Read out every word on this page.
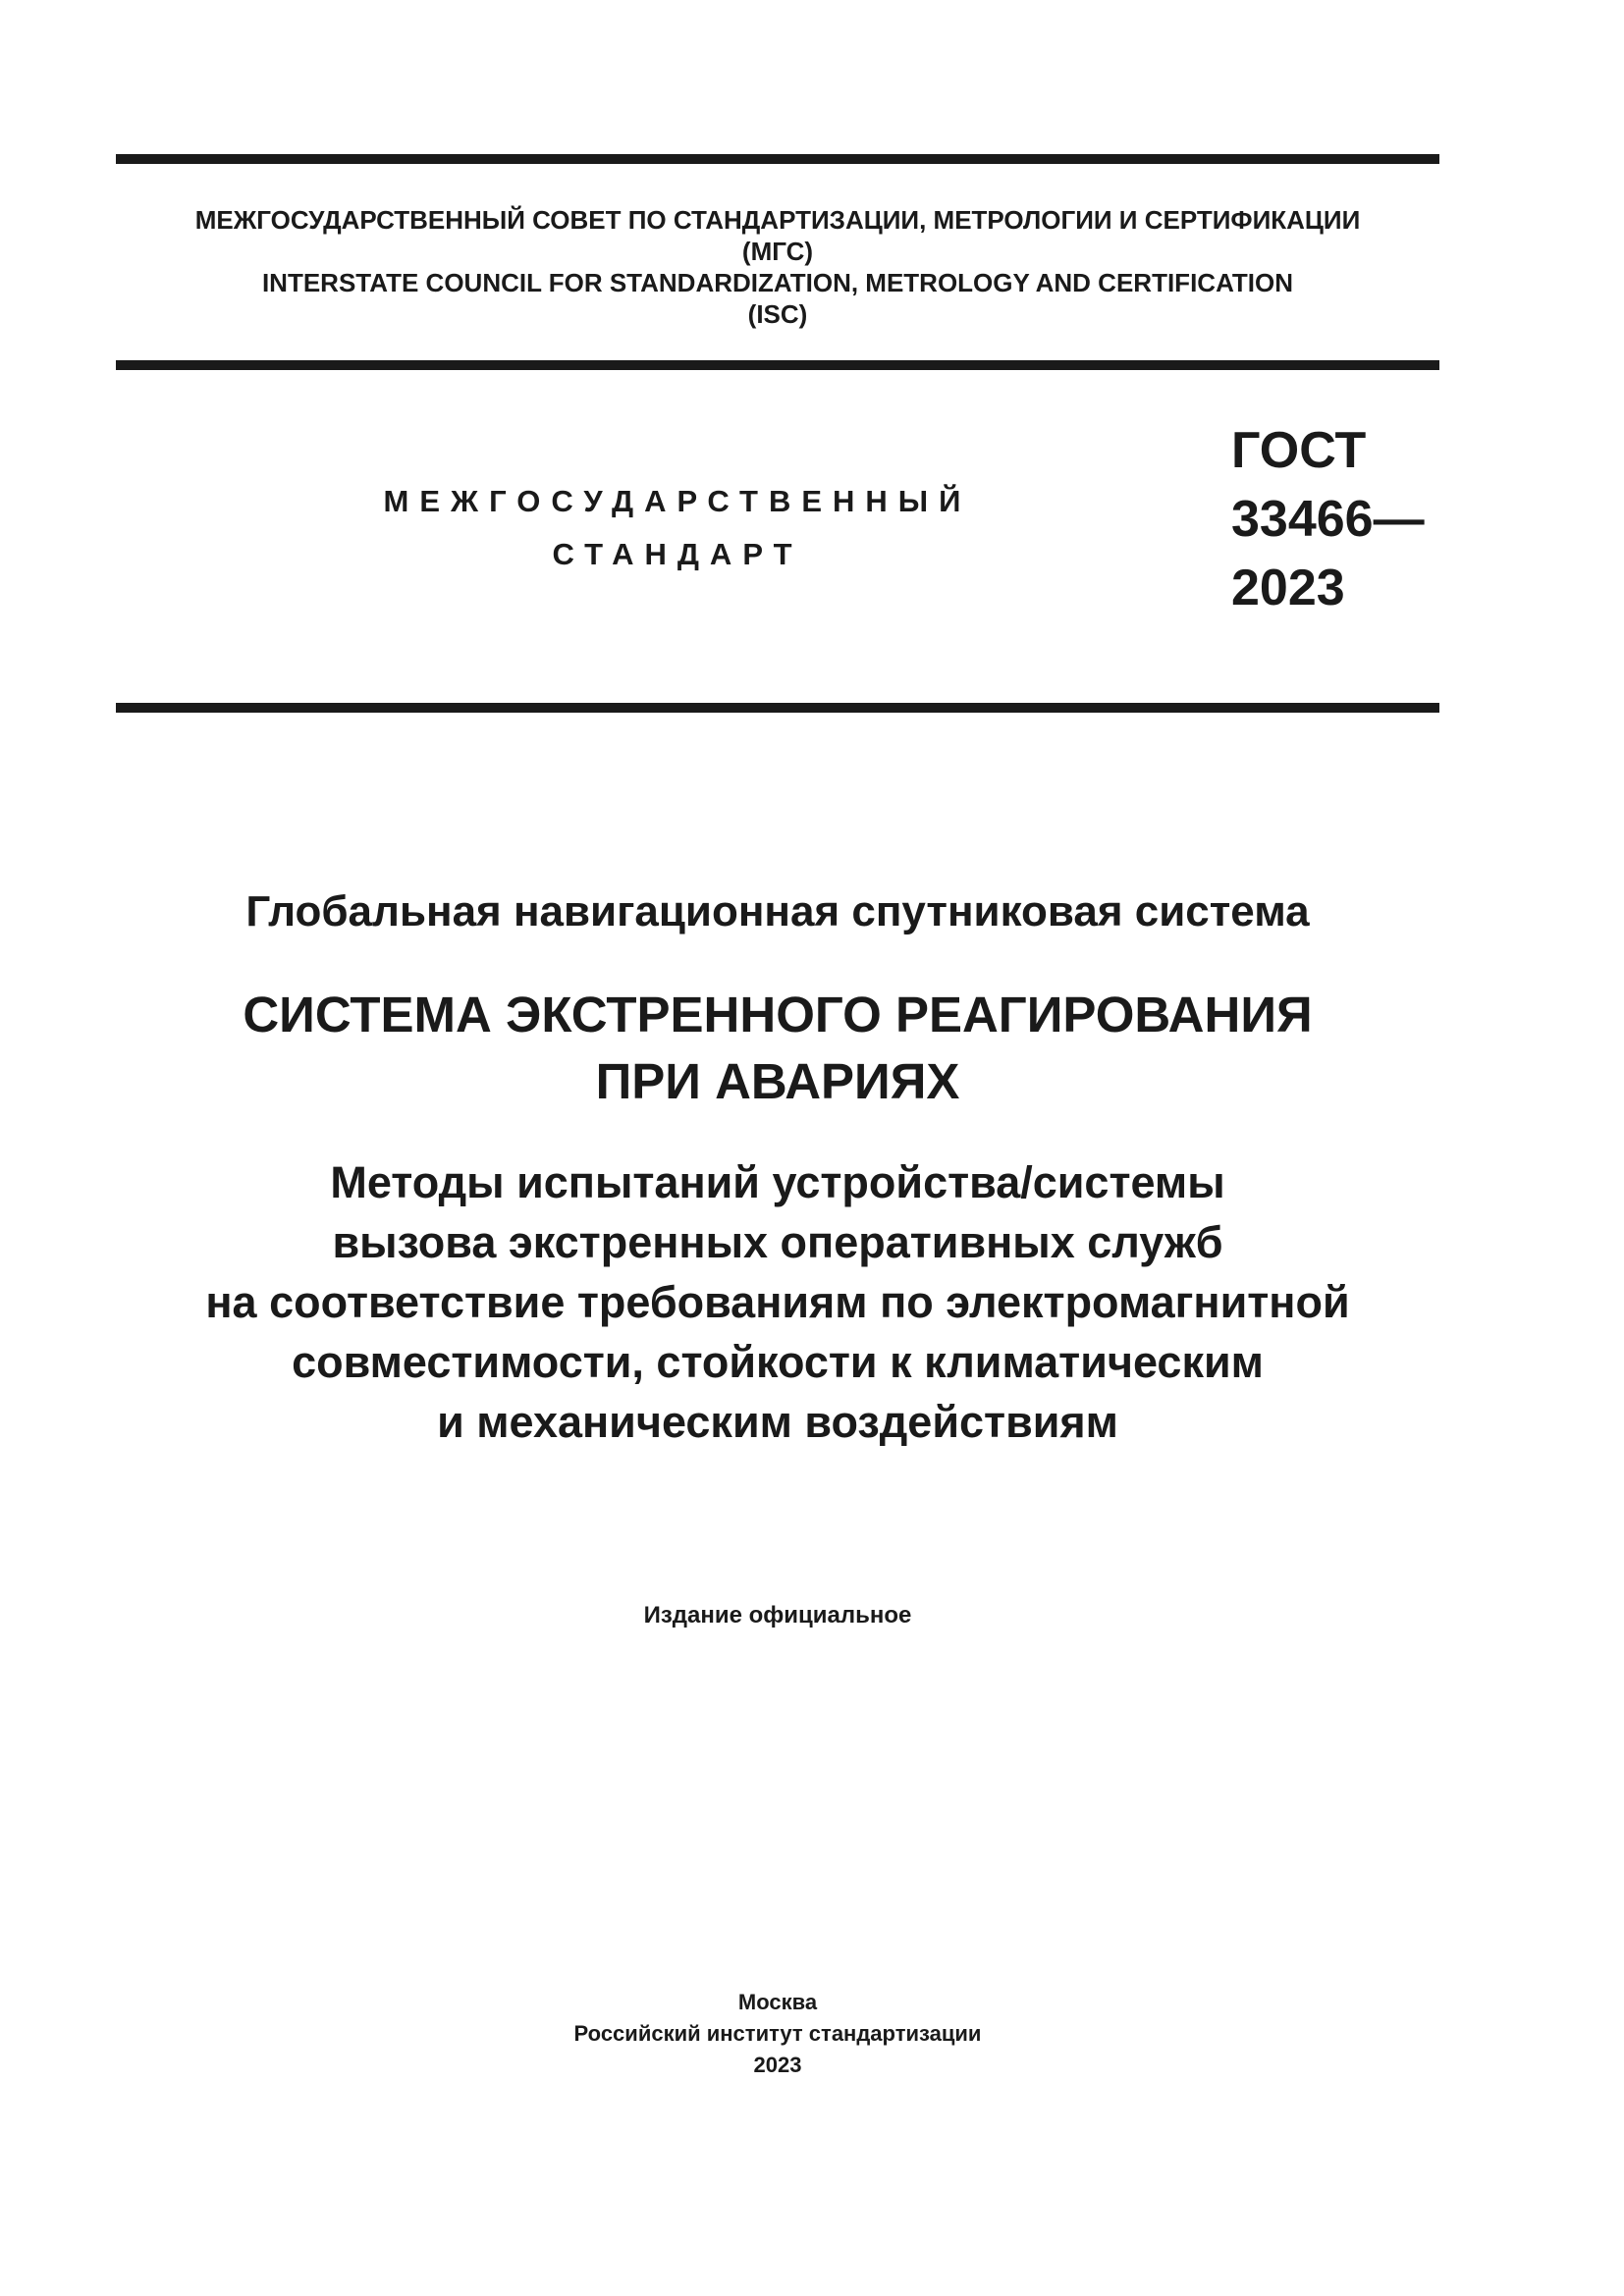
МЕЖГОСУДАРСТВЕННЫЙ СОВЕТ ПО СТАНДАРТИЗАЦИИ, МЕТРОЛОГИИ И СЕРТИФИКАЦИИ
(МГС)
INTERSTATE COUNCIL FOR STANDARDIZATION, METROLOGY AND CERTIFICATION
(ISC)
МЕЖГОСУДАРСТВЕННЫЙ
СТАНДАРТ
ГОСТ
33466—
2023
Глобальная навигационная спутниковая система
СИСТЕМА ЭКСТРЕННОГО РЕАГИРОВАНИЯ
ПРИ АВАРИЯХ
Методы испытаний устройства/системы
вызова экстренных оперативных служб
на соответствие требованиям по электромагнитной
совместимости, стойкости к климатическим
и механическим воздействиям
Издание официальное
Москва
Российский институт стандартизации
2023
